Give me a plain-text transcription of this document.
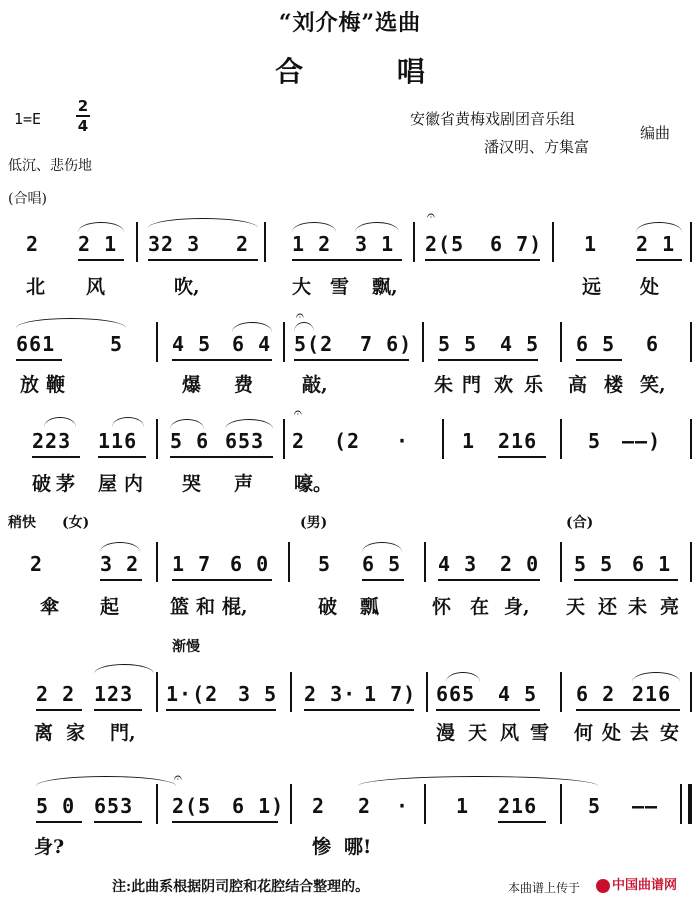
“刘介梅”选曲
合 唱
1=E
2
4	安徽省黄梅戏剧团音乐组
潘汉明、方集富
编曲
低沉、悲伤地
(合唱)
2 2 1 32 3 2 1 2 3 1 2(5 6 7) 1 2 1
𝄐
北 风	吹,	大 雪 飘,	远 处
661	5 4 5 6 4 5(2 7 6) 5 5 4 5 6 5 6
𝄐
放 鞭	爆 费	敲,	朱 門 欢 乐 高 楼 笑,
223 116 5 6 653 2 (2 ·	1 216	5 ——)
𝄐
破 茅 屋 内 哭 声 嚎。
稍快 (女)	(男)	(合)
2	3 2 1 7 6 0 5 6 5 4 3 2 0 5 5 6 1
傘 起	篮 和 棍,	破 瓢	怀 在 身, 天 还 未 亮
渐慢
2 2 123 1·(2 3 5 2 3· 1 7) 665 4 5 6 2 216
离 家 門,	漫 天 风 雪 何 处 去 安
5 0 653 2(5 6 1) 2 2 · 1 216	5 ——
𝄐
身?	惨 哪!
注:此曲系根据阴司腔和花腔结合整理的。	本曲谱上传于	中国曲谱网
